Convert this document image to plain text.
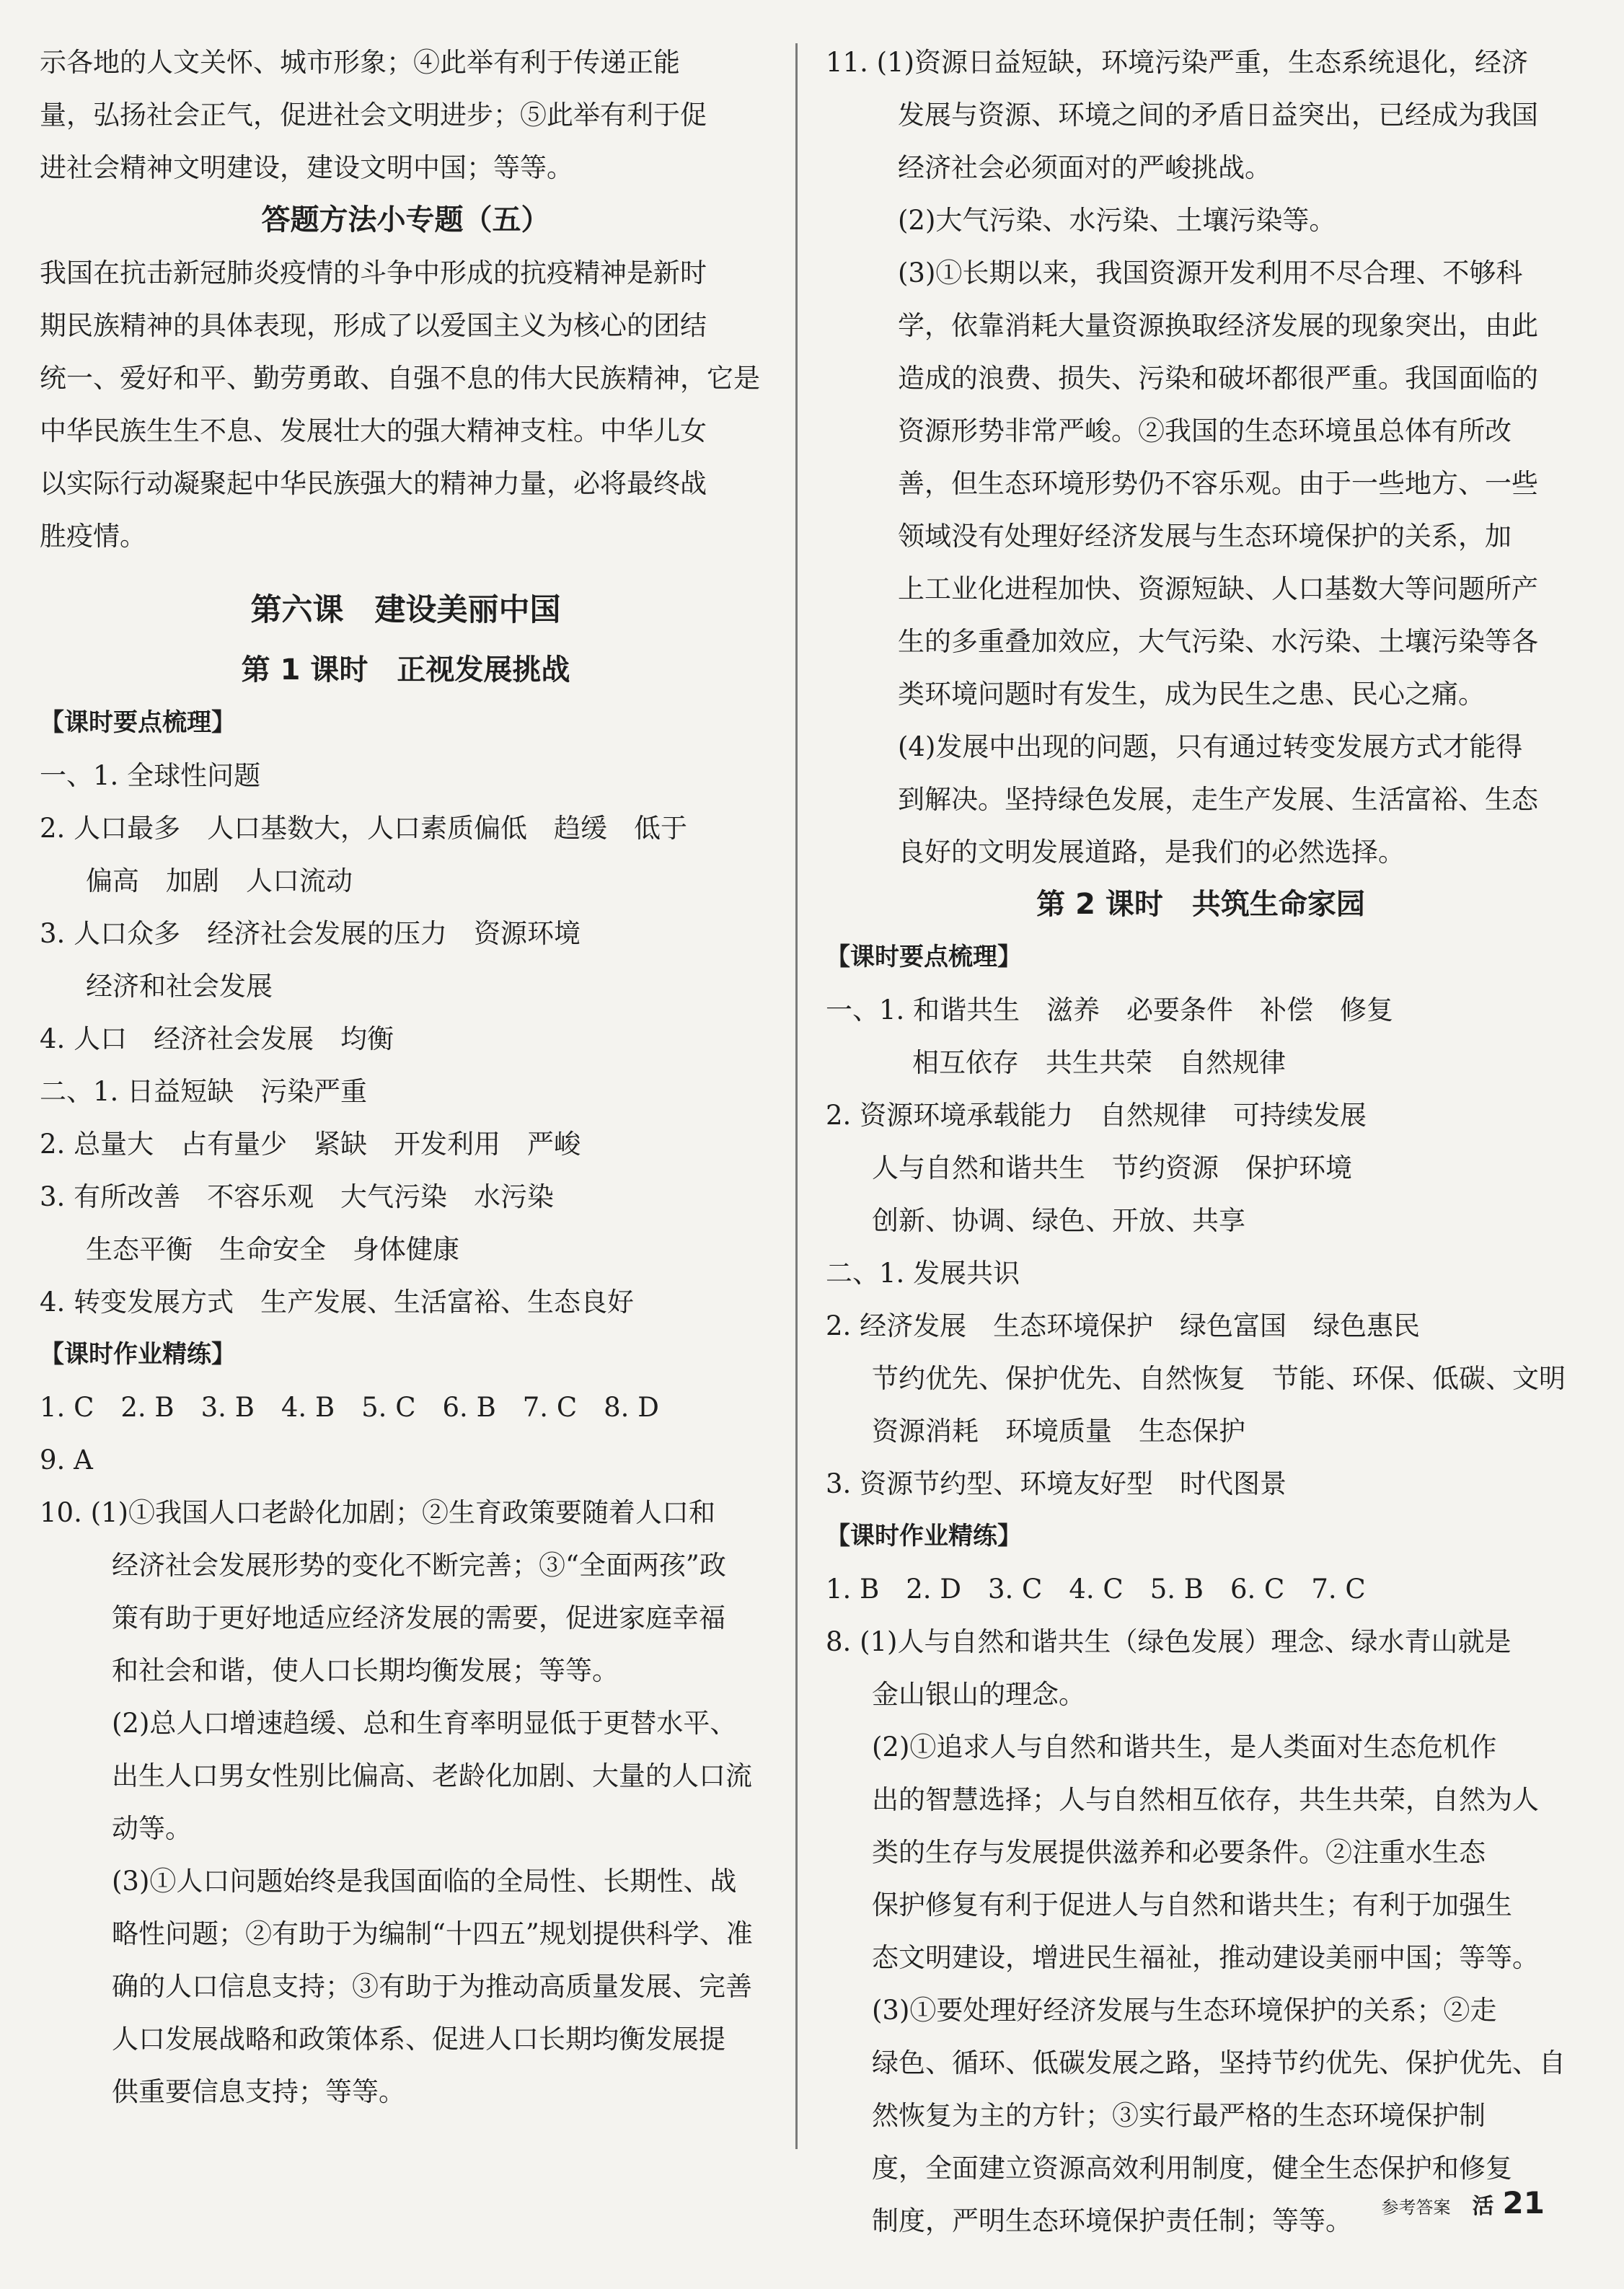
示各地的人文关怀、城市形象；④此举有利于传递正能

量，弘扬社会正气，促进社会文明进步；⑤此举有利于促

进社会精神文明建设，建设文明中国；等等。

答题方法小专题（五）

我国在抗击新冠肺炎疫情的斗争中形成的抗疫精神是新时

期民族精神的具体表现，形成了以爱国主义为核心的团结

统一、爱好和平、勤劳勇敢、自强不息的伟大民族精神，它是

中华民族生生不息、发展壮大的强大精神支柱。中华儿女

以实际行动凝聚起中华民族强大的精神力量，必将最终战

胜疫情。

第六课　建设美丽中国

第 1 课时　正视发展挑战

【课时要点梳理】

一、1. 全球性问题

2. 人口最多　人口基数大，人口素质偏低　趋缓　低于

偏高　加剧　人口流动

3. 人口众多　经济社会发展的压力　资源环境

经济和社会发展

4. 人口　经济社会发展　均衡

二、1. 日益短缺　污染严重

2. 总量大　占有量少　紧缺　开发利用　严峻

3. 有所改善　不容乐观　大气污染　水污染

生态平衡　生命安全　身体健康

4. 转变发展方式　生产发展、生活富裕、生态良好

【课时作业精练】

1. C　2. B　3. B　4. B　5. C　6. B　7. C　8. D

9. A

10. (1)①我国人口老龄化加剧；②生育政策要随着人口和

经济社会发展形势的变化不断完善；③“全面两孩”政

策有助于更好地适应经济发展的需要，促进家庭幸福

和社会和谐，使人口长期均衡发展；等等。

(2)总人口增速趋缓、总和生育率明显低于更替水平、

出生人口男女性别比偏高、老龄化加剧、大量的人口流

动等。

(3)①人口问题始终是我国面临的全局性、长期性、战

略性问题；②有助于为编制“十四五”规划提供科学、准

确的人口信息支持；③有助于为推动高质量发展、完善

人口发展战略和政策体系、促进人口长期均衡发展提

供重要信息支持；等等。

11. (1)资源日益短缺，环境污染严重，生态系统退化，经济

发展与资源、环境之间的矛盾日益突出，已经成为我国

经济社会必须面对的严峻挑战。

(2)大气污染、水污染、土壤污染等。

(3)①长期以来，我国资源开发利用不尽合理、不够科

学，依靠消耗大量资源换取经济发展的现象突出，由此

造成的浪费、损失、污染和破坏都很严重。我国面临的

资源形势非常严峻。②我国的生态环境虽总体有所改

善，但生态环境形势仍不容乐观。由于一些地方、一些

领域没有处理好经济发展与生态环境保护的关系，加

上工业化进程加快、资源短缺、人口基数大等问题所产

生的多重叠加效应，大气污染、水污染、土壤污染等各

类环境问题时有发生，成为民生之患、民心之痛。

(4)发展中出现的问题，只有通过转变发展方式才能得

到解决。坚持绿色发展，走生产发展、生活富裕、生态

良好的文明发展道路，是我们的必然选择。

第 2 课时　共筑生命家园

【课时要点梳理】

一、1. 和谐共生　滋养　必要条件　补偿　修复

相互依存　共生共荣　自然规律

2. 资源环境承载能力　自然规律　可持续发展

人与自然和谐共生　节约资源　保护环境

创新、协调、绿色、开放、共享

二、1. 发展共识

2. 经济发展　生态环境保护　绿色富国　绿色惠民

节约优先、保护优先、自然恢复　节能、环保、低碳、文明

资源消耗　环境质量　生态保护

3. 资源节约型、环境友好型　时代图景

【课时作业精练】

1. B　2. D　3. C　4. C　5. B　6. C　7. C

8. (1)人与自然和谐共生（绿色发展）理念、绿水青山就是

金山银山的理念。

(2)①追求人与自然和谐共生，是人类面对生态危机作

出的智慧选择；人与自然相互依存，共生共荣，自然为人

类的生存与发展提供滋养和必要条件。②注重水生态

保护修复有利于促进人与自然和谐共生；有利于加强生

态文明建设，增进民生福祉，推动建设美丽中国；等等。

(3)①要处理好经济发展与生态环境保护的关系；②走

绿色、循环、低碳发展之路，坚持节约优先、保护优先、自

然恢复为主的方针；③实行最严格的生态环境保护制

度，全面建立资源高效利用制度，健全生态保护和修复

制度，严明生态环境保护责任制；等等。	参考答案 活 21
